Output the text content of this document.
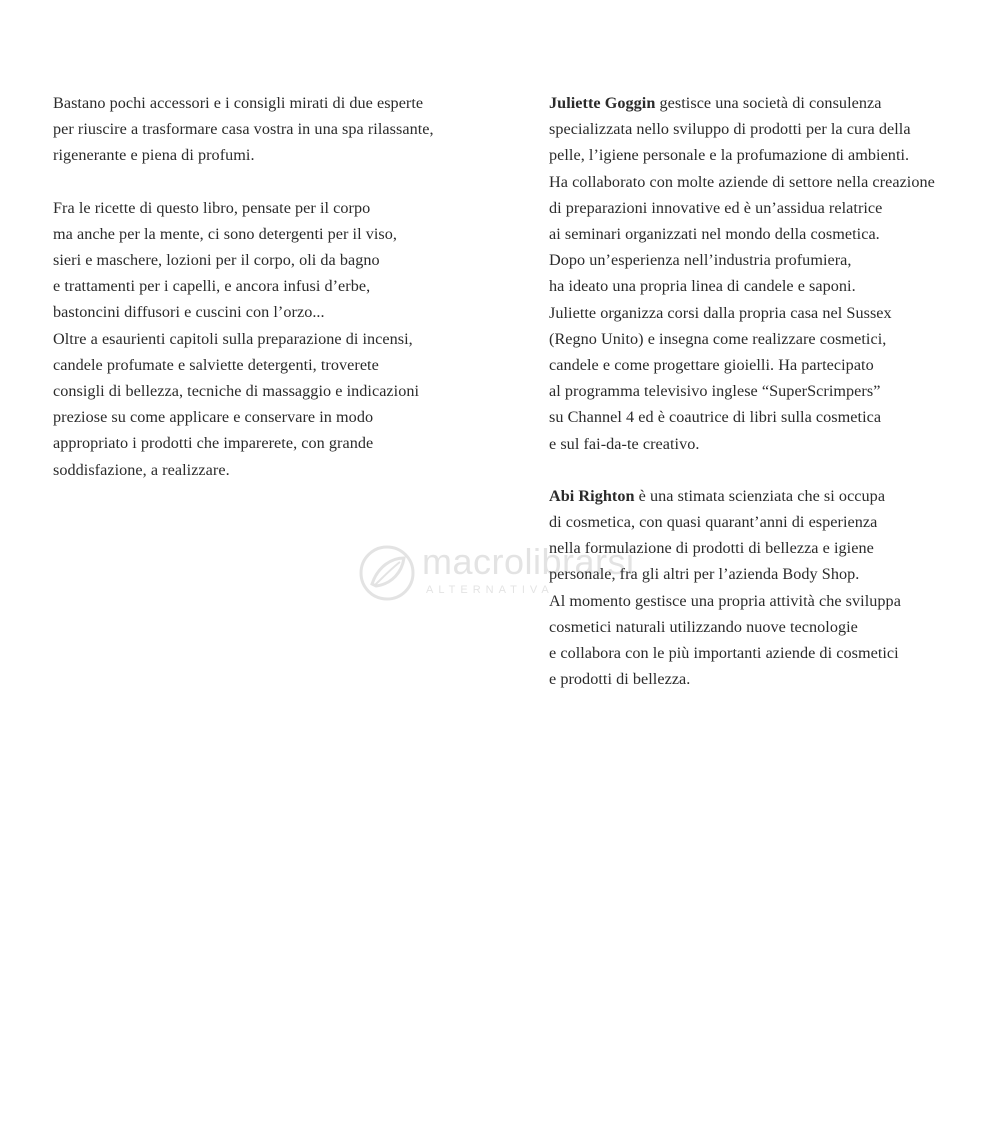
Bastano pochi accessori e i consigli mirati di due esperte
per riuscire a trasformare casa vostra in una spa rilassante,
rigenerante e piena di profumi.

Fra le ricette di questo libro, pensate per il corpo
ma anche per la mente, ci sono detergenti per il viso,
sieri e maschere, lozioni per il corpo, oli da bagno
e trattamenti per i capelli, e ancora infusi d’erbe,
bastoncini diffusori e cuscini con l’orzo...
Oltre a esaurienti capitoli sulla preparazione di incensi,
candele profumate e salviette detergenti, troverete
consigli di bellezza, tecniche di massaggio e indicazioni
preziose su come applicare e conservare in modo
appropriato i prodotti che imparerete, con grande
soddisfazione, a realizzare.

Juliette Goggin gestisce una società di consulenza
specializzata nello sviluppo di prodotti per la cura della
pelle, l’igiene personale e la profumazione di ambienti.
Ha collaborato con molte aziende di settore nella creazione
di preparazioni innovative ed è un’assidua relatrice
ai seminari organizzati nel mondo della cosmetica.
Dopo un’esperienza nell’industria profumiera,
ha ideato una propria linea di candele e saponi.
Juliette organizza corsi dalla propria casa nel Sussex
(Regno Unito) e insegna come realizzare cosmetici,
candele e come progettare gioielli. Ha partecipato
al programma televisivo inglese “SuperScrimpers”
su Channel 4 ed è coautrice di libri sulla cosmetica
e sul fai-da-te creativo.

Abi Righton è una stimata scienziata che si occupa
di cosmetica, con quasi quarant’anni di esperienza
nella formulazione di prodotti di bellezza e igiene
personale, fra gli altri per l’azienda Body Shop.
Al momento gestisce una propria attività che sviluppa
cosmetici naturali utilizzando nuove tecnologie
e collabora con le più importanti aziende di cosmetici
e prodotti di bellezza.

macrolibrarsi
ALTERNATIVA
